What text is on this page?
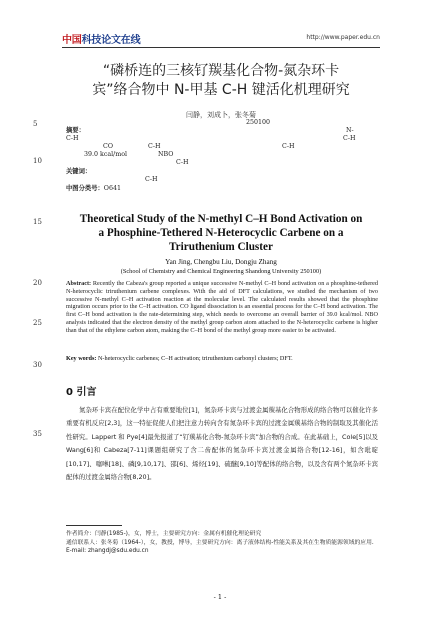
中国科技论文在线	http://www.paper.edu.cn
“磷桥连的三核钌羰基化合物-氮杂环卡
宾”络合物中 N-甲基 C-H 键活化机理研究
闫静，刘成卜，张冬菊
5
10
15
20
25
30
35
250100
摘要：
C-H
N-
CO	C-H	C-H
C-H
39.0 kcal/mol	NBO
C-H
关键词：
C-H
中图分类号：O641
Theoretical Study of the N-methyl C–H Bond Activation on
a Phosphine-Tethered N-Heterocyclic Carbene on a
Triruthenium Cluster
Yan Jing, Chengbu Liu, Dongju Zhang
(School of Chemistry and Chemical Engineering Shandong University 250100)
Abstract: Recently the Cabeza's group reported a unique successive N-methyl C–H bond activation on a phosphine-tethered N-heterocyclic triruthenium carbene complexes. With the aid of DFT calculations, we studied the mechanism of two successive N-methyl C–H activation reaction at the molecular level. The calculated results showed that the phosphine migration occurs prior to the C–H activation. CO ligand dissociation is an essential process for the C–H bond activation. The first C–H bond activation is the rate-determining step, which needs to overcome an overall barrier of 39.0 kcal/mol. NBO analysis indicated that the electron density of the methyl group carbon atom attached to the N-heterocyclic carbene is higher than that of the ethylene carbon atom, making the C–H bond of the methyl group more easier to be activated.
Key words: N-heterocyclic carbenes; C–H activation; triruthenium carbonyl clusters; DFT.
0 引言
氮杂环卡宾在配位化学中占有重要地位[1]，氮杂环卡宾与过渡金属羰基化合物形成的络合物可以催化许多重要有机反应[2,3]，这一特征促使人们把注意力转向含有氮杂环卡宾的过渡金属羰基络合物的制取及其催化活性研究。Lappert 和 Pye[4]最先报道了“钌羰基化合物-氮杂环卡宾”加合物的合成。在此基础上，Cole[5]以及 Wang[6]和 Cabeza[7-11]课题组研究了含二齿配体的氮杂环卡宾过渡金属络合物[12-16]，如含吡啶[10,17]、噻啉[18]、磷[9,10,17]、邵[6]、烯烃[19]、硫醚[9,10]等配体的络合物，以及含有两个氮杂环卡宾配体的过渡金属络合物[8,20]。
作者简介：闫静(1985-)，女，博士，主要研究方向：金属有机催化理论研究
通信联系人：张冬菊（1964-），女，教授，博导，主要研究方向：离子液体结构-性能关系及其在生物质能源领域的应用. E-mail: zhangdj@sdu.edu.cn
- 1 -
